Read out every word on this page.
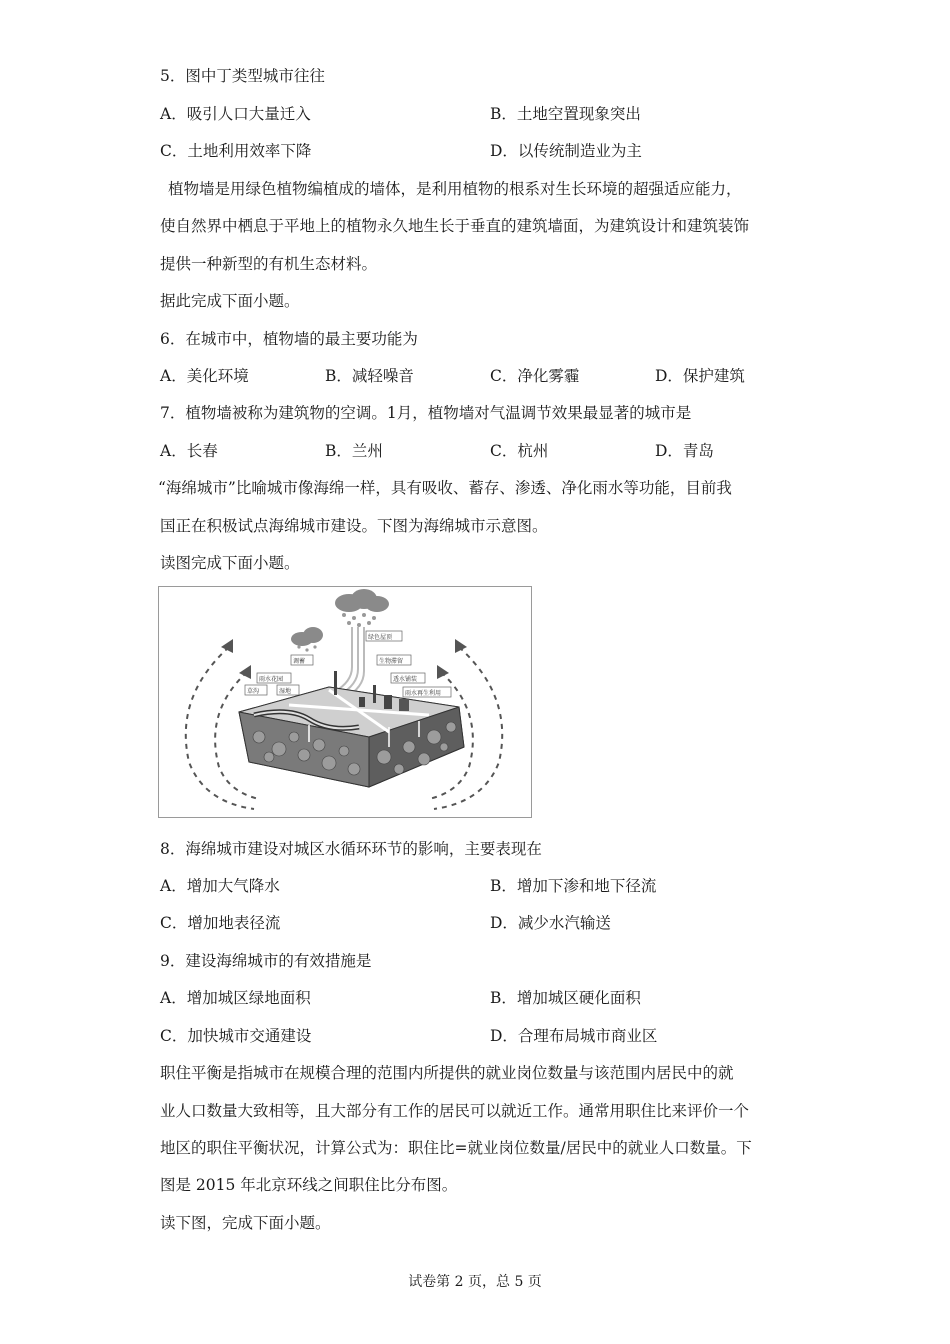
5．图中丁类型城市往往
A．吸引人口大量迁入	B．土地空置现象突出
C．土地利用效率下降	D．以传统制造业为主
植物墙是用绿色植物编植成的墙体，是利用植物的根系对生长环境的超强适应能力，
使自然界中栖息于平地上的植物永久地生长于垂直的建筑墙面，为建筑设计和建筑装饰
提供一种新型的有机生态材料。
据此完成下面小题。
6．在城市中，植物墙的最主要功能为
A．美化环境	B．减轻噪音	C．净化雾霾	D．保护建筑
7．植物墙被称为建筑物的空调。1月，植物墙对气温调节效果最显著的城市是
A．长春	B．兰州	C．杭州	D．青岛
“海绵城市”比喻城市像海绵一样，具有吸收、蓄存、渗透、净化雨水等功能，目前我
国正在积极试点海绵城市建设。下图为海绵城市示意图。
读图完成下面小题。
绿色屋顶
生物滞留
透水铺装
雨水再生利用
雨水花园
草沟	湿地
调蓄
8．海绵城市建设对城区水循环环节的影响，主要表现在
A．增加大气降水	B．增加下渗和地下径流
C．增加地表径流	D．减少水汽输送
9．建设海绵城市的有效措施是
A．增加城区绿地面积	B．增加城区硬化面积
C．加快城市交通建设	D．合理布局城市商业区
职住平衡是指城市在规模合理的范围内所提供的就业岗位数量与该范围内居民中的就
业人口数量大致相等，且大部分有工作的居民可以就近工作。通常用职住比来评价一个
地区的职住平衡状况，计算公式为：职住比=就业岗位数量/居民中的就业人口数量。下
图是 2015 年北京环线之间职住比分布图。
读下图，完成下面小题。
试卷第 2 页，总 5 页
